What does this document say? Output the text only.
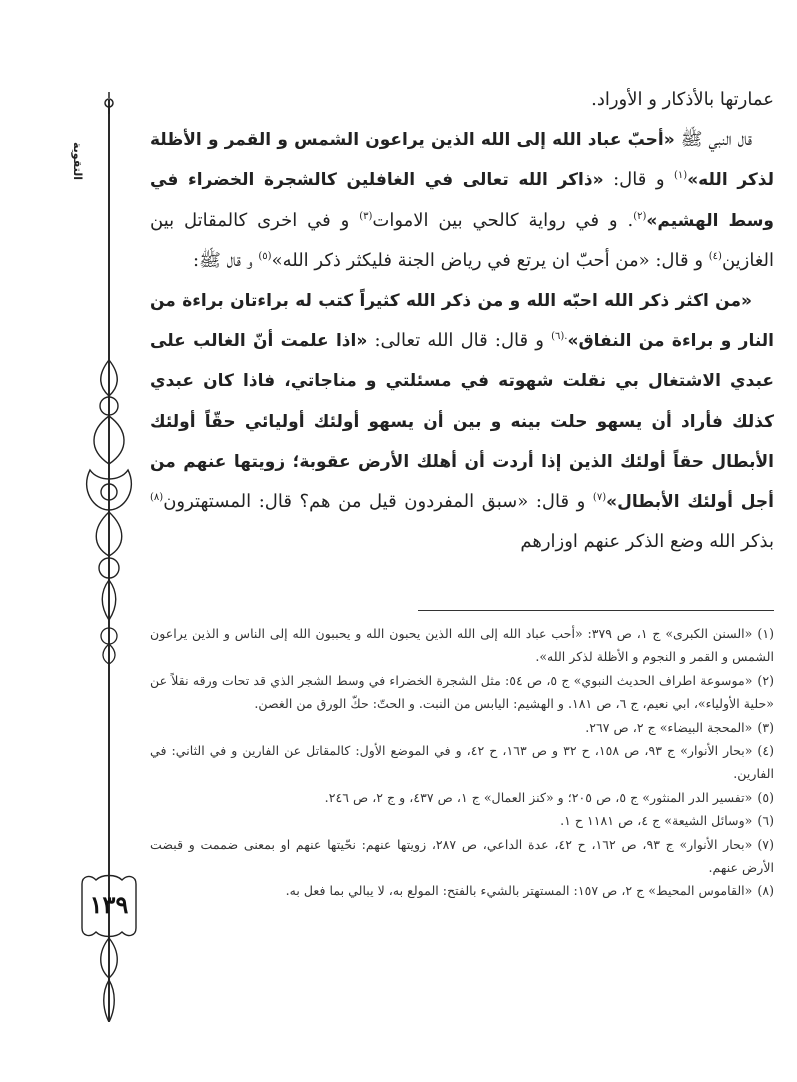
التقوية
١٣٩

عمارتها بالأذكار و الأوراد.

قال النبي ﷺ «أحبّ عباد الله إلى الله الذين يراعون الشمس و القمر و الأظلة لذكر الله»$^{(١)}$ و قال: «ذاكر الله تعالى في الغافلين كالشجرة الخضراء في وسط الهشيم»$^{(٢)}$. و في رواية كالحي بين الاموات$^{(٣)}$ و في اخرى كالمقاتل بين الغازين$^{(٤)}$ و قال: «من أحبّ ان يرتع في رياض الجنة فليكثر ذكر الله»$^{(٥)}$ و قال ﷺ:

«من اكثر ذكر الله احبّه الله و من ذكر الله كثيراً كتب له براءتان براءة من النار و براءة من النفاق»$^{.(٦)}$ و قال: قال الله تعالى: «اذا علمت أنّ الغالب على عبدي الاشتغال بي نقلت شهوته في مسئلتي و مناجاتي، فاذا كان عبدي كذلك فأراد أن يسهو حلت بينه و بين أن يسهو أولئك أوليائي حقّاً أولئك الأبطال حقاً أولئك الذين إذا أردت أن أهلك الأرض عقوبة؛ زويتها عنهم من أجل أولئك الأبطال»$^{(٧)}$ و قال: «سبق المفردون قيل من هم؟ قال: المستهترون$^{(٨)}$ بذكر الله وضع الذكر عنهم اوزارهم

(١)«السنن الكبرى» ج ١، ص ٣٧٩: «أحب عباد الله إلى الله الذين يحبون الله و يحببون الله إلى الناس و الذين يراعون الشمس و القمر و النجوم و الأظلة لذكر الله».
(٢)«موسوعة اطراف الحديث النبوي» ج ٥، ص ٥٤: مثل الشجرة الخضراء في وسط الشجر الذي قد تحات ورقه نقلاً عن «حلية الأولياء»، ابي نعيم، ج ٦، ص ١٨١. و الهشيم: اليابس من النبت. و الحتّ: حكّ الورق من الغصن.
(٣)«المحجة البيضاء» ج ٢، ص ٢٦٧.
(٤)«بحار الأنوار» ج ٩٣، ص ١٥٨، ح ٣٢ و ص ١٦٣، ح ٤٢، و في الموضع الأول: كالمقاتل عن الفارين و في الثاني: في الفارين.
(٥)«تفسير الدر المنثور» ج ٥، ص ٢٠٥؛ و «كنز العمال» ج ١، ص ٤٣٧، و ج ٢، ص ٢٤٦.
(٦)«وسائل الشيعة» ج ٤، ص ١١٨١ ح ١.
(٧)«بحار الأنوار» ج ٩٣، ص ١٦٢، ح ٤٢، عدة الداعي، ص ٢٨٧، زويتها عنهم: نحّيتها عنهم او بمعنى ضممت و قبضت الأرض عنهم.
(٨)«القاموس المحيط» ج ٢، ص ١٥٧: المستهتر بالشيء بالفتح: المولع به، لا يبالي بما فعل به.
